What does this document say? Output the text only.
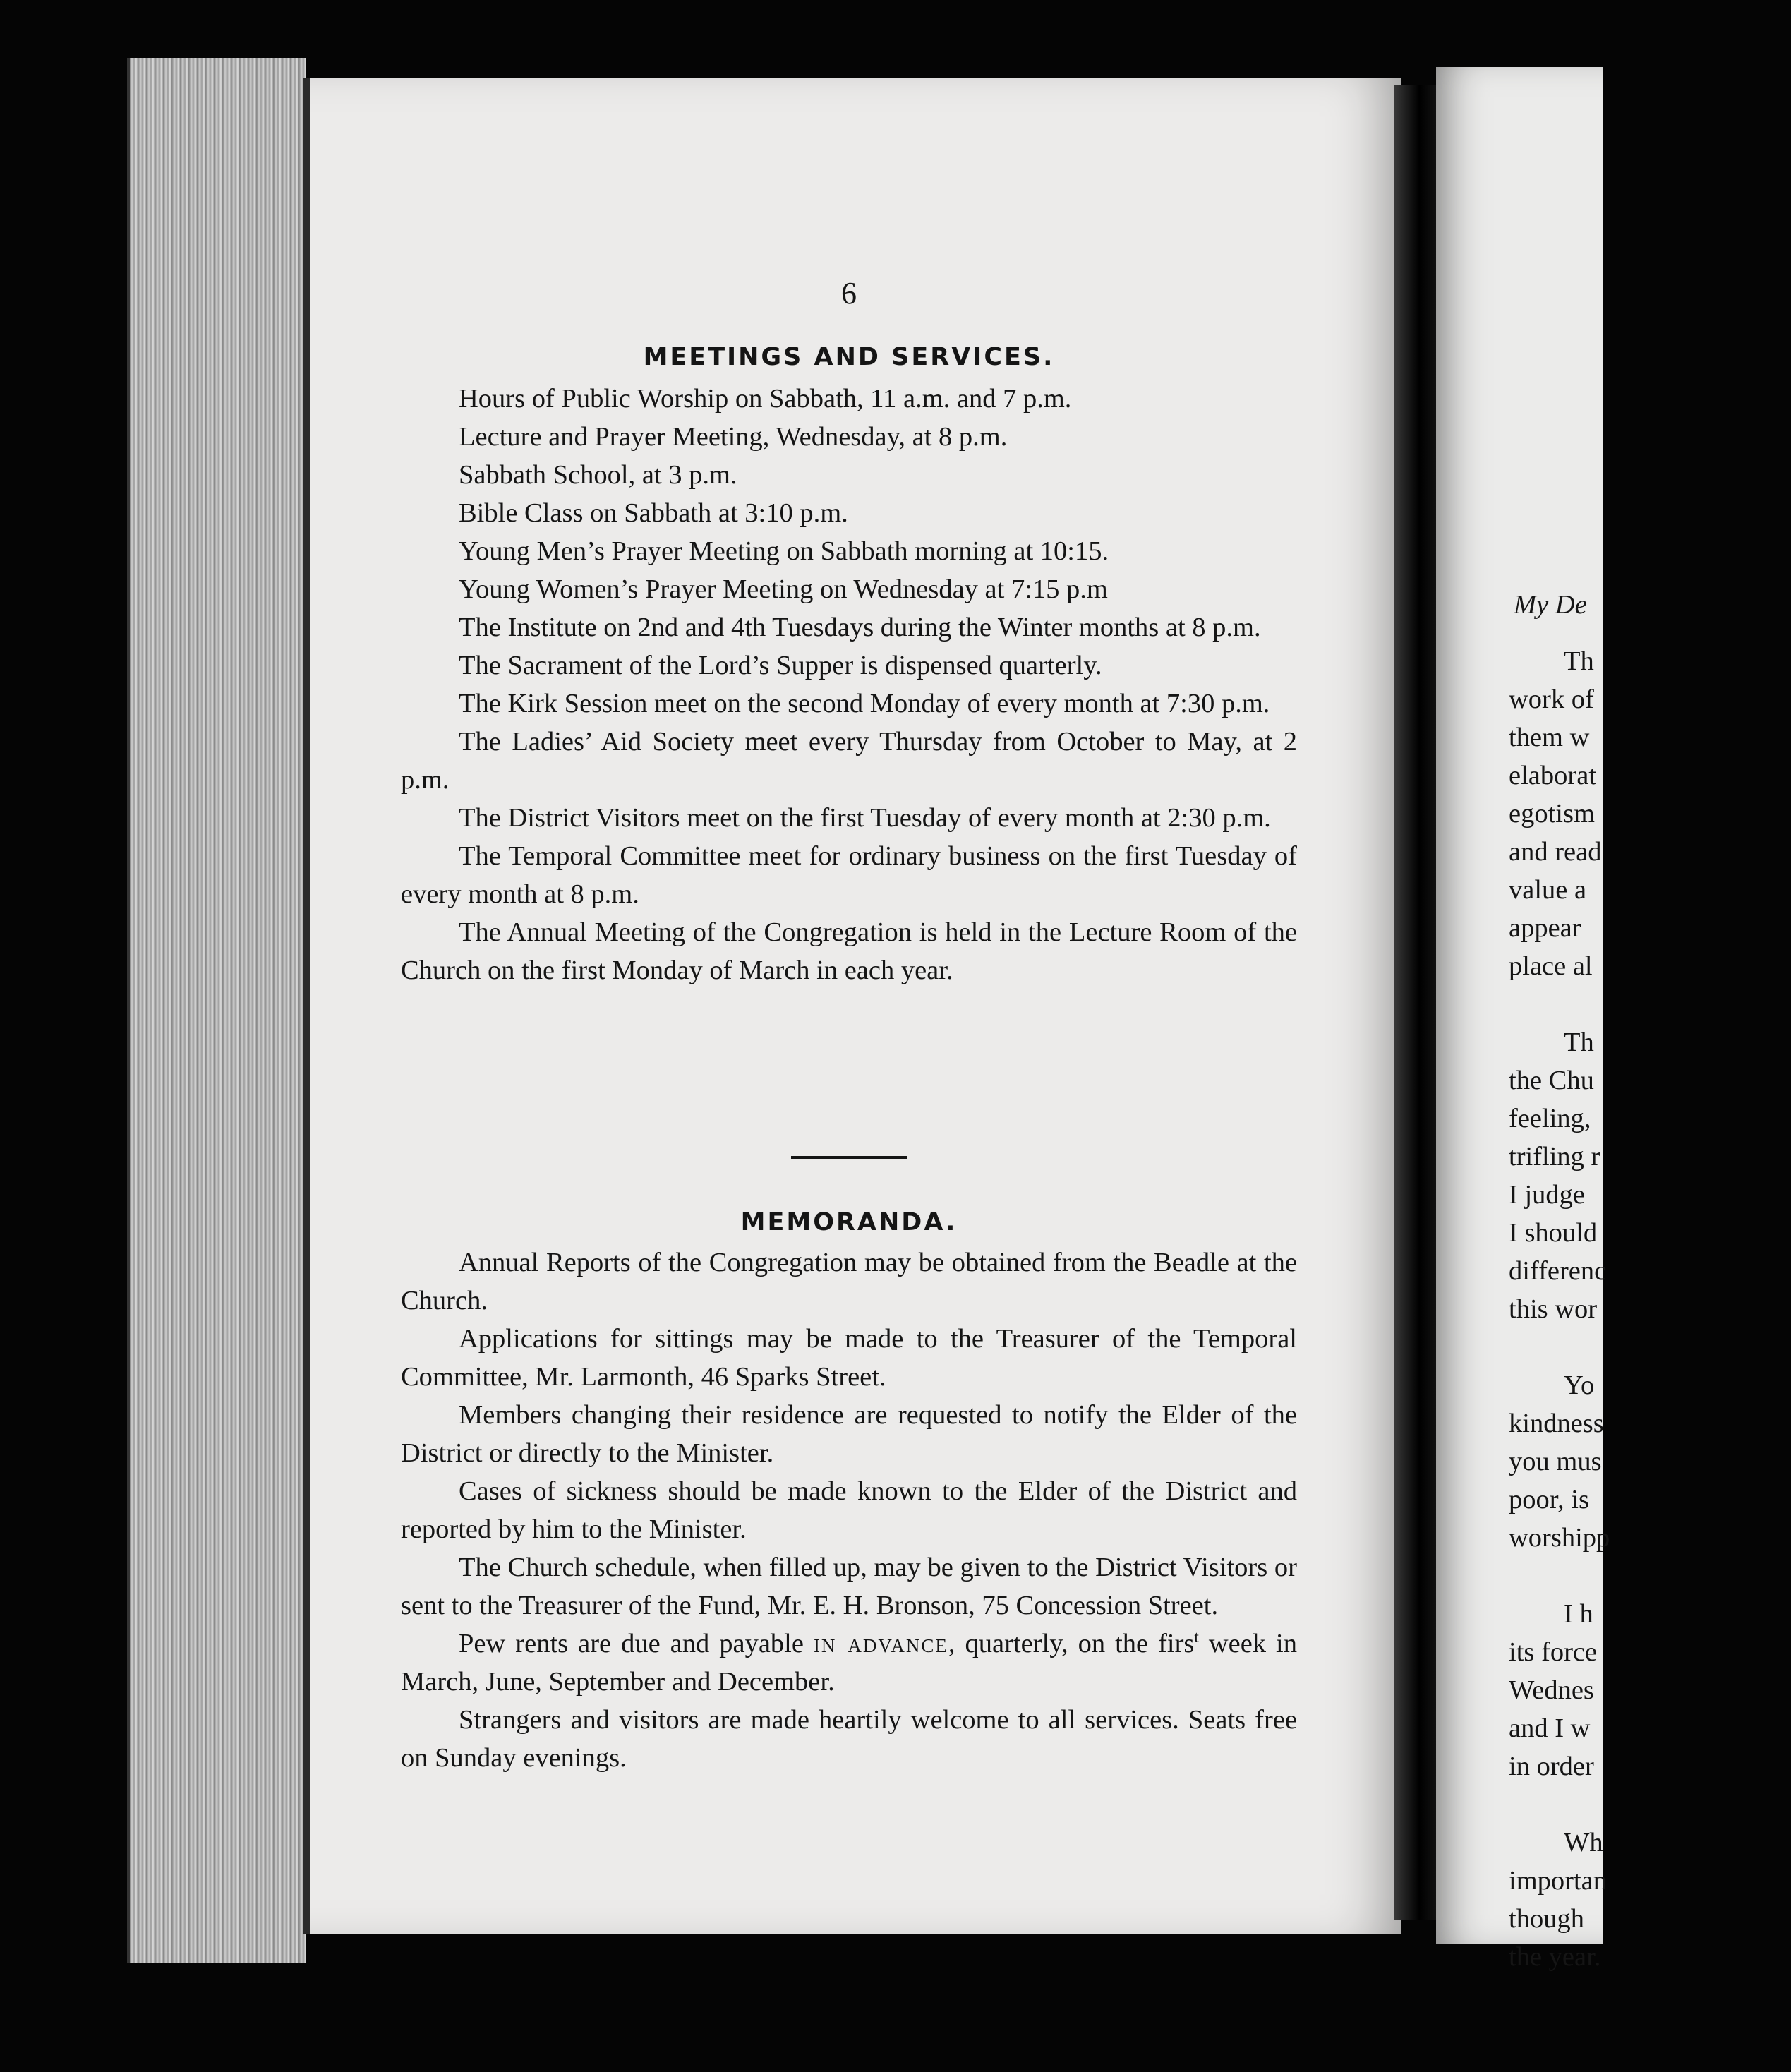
My De
Th
work of
them w
elaborat
egotism
and read
value a
appear
place al
Th
the Chu
feeling,
trifling r
I judge
I should
differenc
this wor
Yo
kindness
you mus
poor, is
worshipp
I h
its force
Wednes
and I w
in order
Wh
importan
though
the year.
6
MEETINGS AND SERVICES.

Hours of Public Worship on Sabbath, 11 a.m. and 7 p.m.

Lecture and Prayer Meeting, Wednesday, at 8 p.m.

Sabbath School, at 3 p.m.

Bible Class on Sabbath at 3:10 p.m.

Young Men’s Prayer Meeting on Sabbath morning at 10:15.

Young Women’s Prayer Meeting on Wednesday at 7:15 p.m

The Institute on 2nd and 4th Tuesdays during the Winter months at 8 p.m.

The Sacrament of the Lord’s Supper is dispensed quarterly.

The Kirk Session meet on the second Monday of every month at 7:30 p.m.

The Ladies’ Aid Society meet every Thursday from October to May, at 2 p.m.

The District Visitors meet on the first Tuesday of every month at 2:30 p.m.

The Temporal Committee meet for ordinary business on the first Tuesday of every month at 8 p.m.

The Annual Meeting of the Congregation is held in the Lecture Room of the Church on the first Monday of March in each year.

MEMORANDA.

Annual Reports of the Congregation may be obtained from the Beadle at the Church.

Applications for sittings may be made to the Treasurer of the Temporal Committee, Mr. Larmonth, 46 Sparks Street.

Members changing their residence are requested to notify the Elder of the District or directly to the Minister.

Cases of sickness should be made known to the Elder of the District and reported by him to the Minister.

The Church schedule, when filled up, may be given to the District Visitors or sent to the Treasurer of the Fund, Mr. E. H. Bronson, 75 Concession Street.

Pew rents are due and payable in advance, quarterly, on the firs$^t$ week in March, June, September and December.

Strangers and visitors are made heartily welcome to all services. Seats free on Sunday evenings.
